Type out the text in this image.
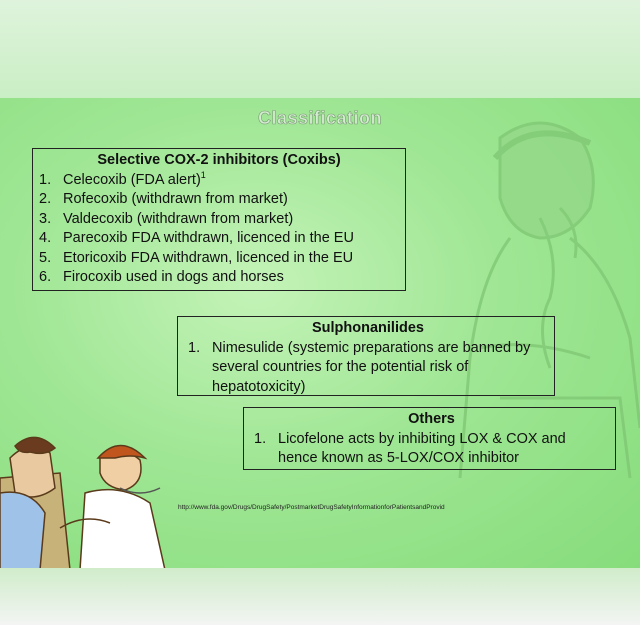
Classification
Selective COX-2 inhibitors (Coxibs)
1. Celecoxib (FDA alert)$^1$
2. Rofecoxib (withdrawn from market)
3. Valdecoxib (withdrawn from market)
4. Parecoxib FDA withdrawn, licenced in the EU
5. Etoricoxib FDA withdrawn, licenced in the EU
6. Firocoxib used in dogs and horses
Sulphonanilides
1. Nimesulide (systemic preparations are banned by several countries for the potential risk of hepatotoxicity)
Others
1. Licofelone acts by inhibiting LOX & COX and hence known as 5-LOX/COX inhibitor
http://www.fda.gov/Drugs/DrugSafety/PostmarketDrugSafetyInformationforPatientsandProvid
